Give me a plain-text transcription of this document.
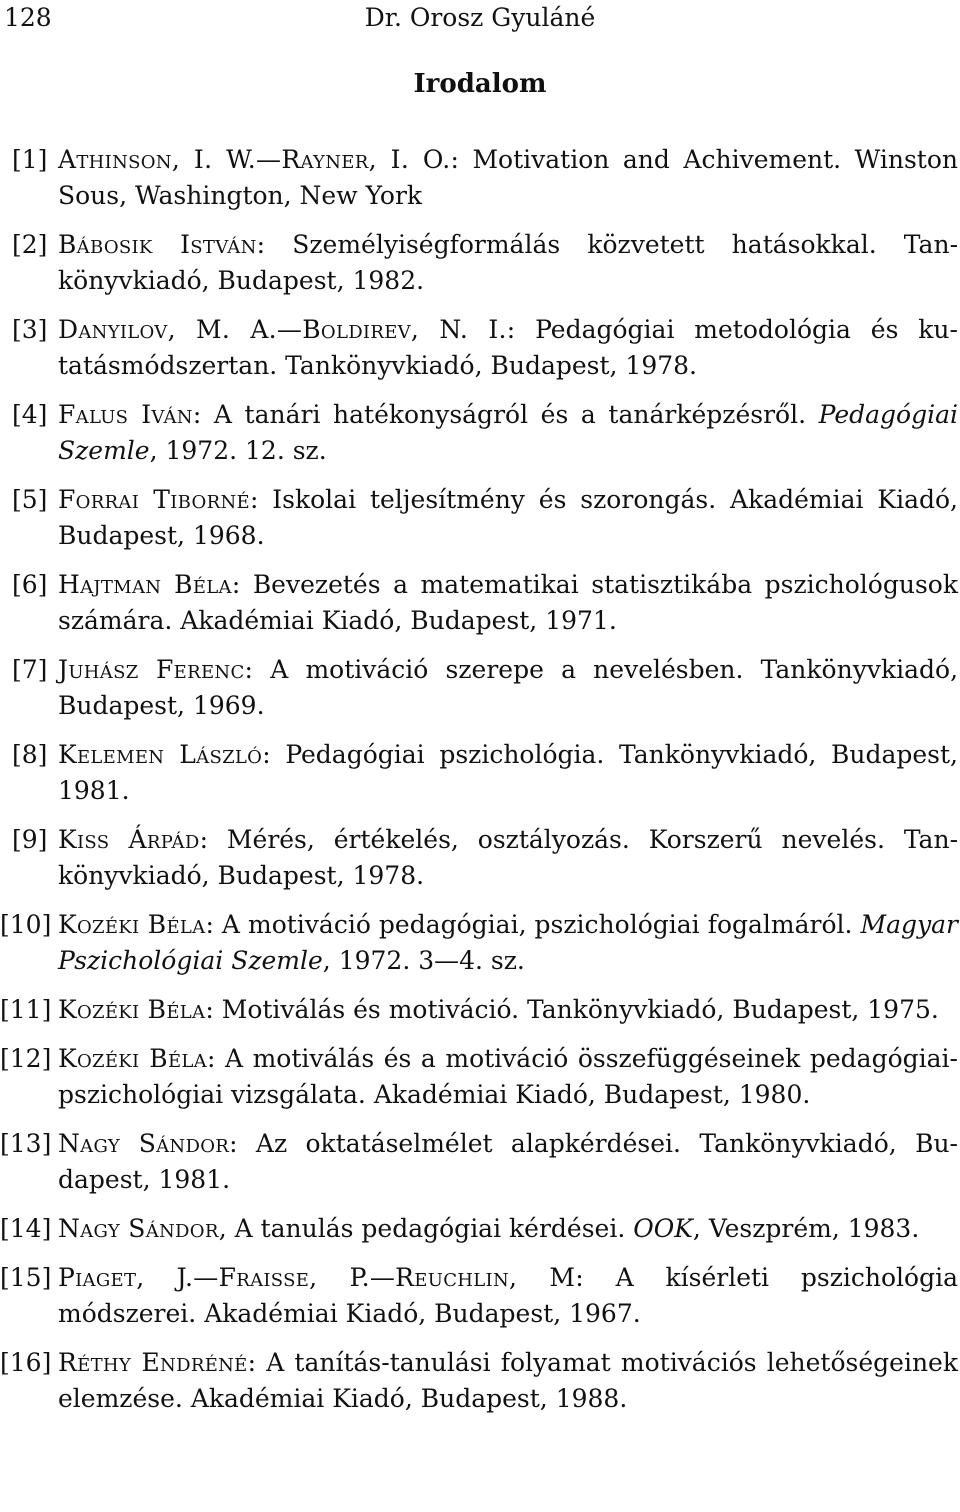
128	Dr. Orosz Gyuláné
Irodalom
[1] Athinson, I. W.—Rayner, I. O.: Motivation and Achivement. Winston Sous, Washington, New York
[2] Bábosik István: Személyiségformálás közvetett hatásokkal. Tankönyvkiadó, Budapest, 1982.
[3] Danyilov, M. A.—Boldirev, N. I.: Pedagógiai metodológia és kutatásmódszertan. Tankönyvkiadó, Budapest, 1978.
[4] Falus Iván: A tanári hatékonyságról és a tanárképzésről. Pedagógiai Szemle, 1972. 12. sz.
[5] Forrai Tiborné: Iskolai teljesítmény és szorongás. Akadémiai Kiadó, Budapest, 1968.
[6] Hajtman Béla: Bevezetés a matematikai statisztikába pszichológusok számára. Akadémiai Kiadó, Budapest, 1971.
[7] Juhász Ferenc: A motiváció szerepe a nevelésben. Tankönyvkiadó, Budapest, 1969.
[8] Kelemen László: Pedagógiai pszichológia. Tankönyvkiadó, Budapest, 1981.
[9] Kiss Árpád: Mérés, értékelés, osztályozás. Korszerű nevelés. Tankönyvkiadó, Budapest, 1978.
[10] Kozéki Béla: A motiváció pedagógiai, pszichológiai fogalmáról. Magyar Pszichológiai Szemle, 1972. 3—4. sz.
[11] Kozéki Béla: Motiválás és motiváció. Tankönyvkiadó, Budapest, 1975.
[12] Kozéki Béla: A motiválás és a motiváció összefüggéseinek pedagógiai-pszichológiai vizsgálata. Akadémiai Kiadó, Budapest, 1980.
[13] Nagy Sándor: Az oktatáselmélet alapkérdései. Tankönyvkiadó, Budapest, 1981.
[14] Nagy Sándor, A tanulás pedagógiai kérdései. OOK, Veszprém, 1983.
[15] Piaget, J.—Fraisse, P.—Reuchlin, M: A kísérleti pszichológia módszerei. Akadémiai Kiadó, Budapest, 1967.
[16] Réthy Endréné: A tanítás-tanulási folyamat motivációs lehetőségeinek elemzése. Akadémiai Kiadó, Budapest, 1988.
